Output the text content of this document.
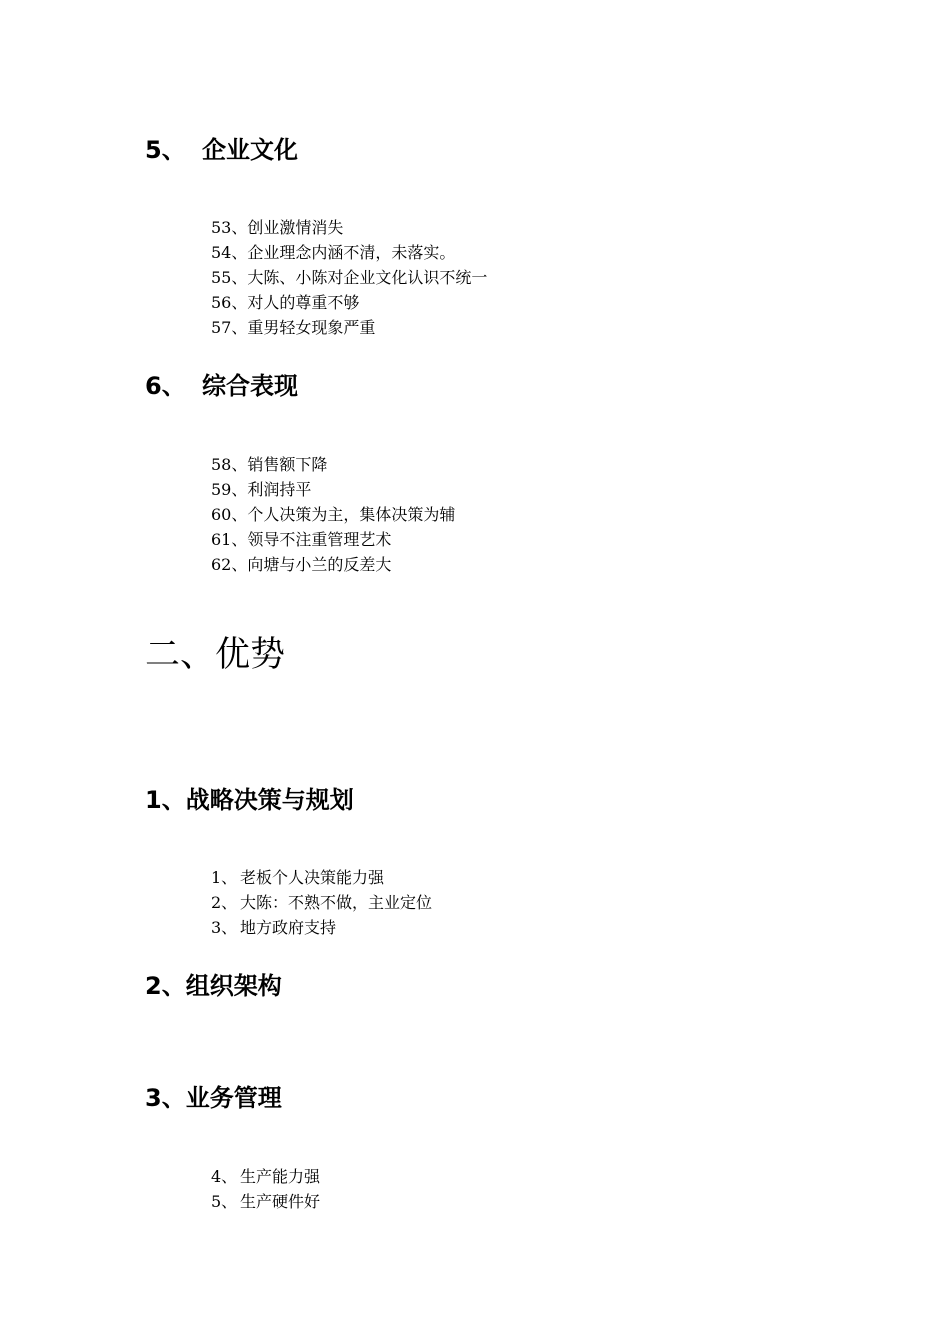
5、 企业文化
53、创业激情消失
54、企业理念内涵不清，未落实。
55、大陈、小陈对企业文化认识不统一
56、对人的尊重不够
57、重男轻女现象严重
6、 综合表现
58、销售额下降
59、利润持平
60、个人决策为主，集体决策为辅
61、领导不注重管理艺术
62、向塘与小兰的反差大
二、优势
1、战略决策与规划
1、 老板个人决策能力强
2、 大陈：不熟不做，主业定位
3、 地方政府支持
2、组织架构
3、业务管理
4、 生产能力强
5、 生产硬件好
